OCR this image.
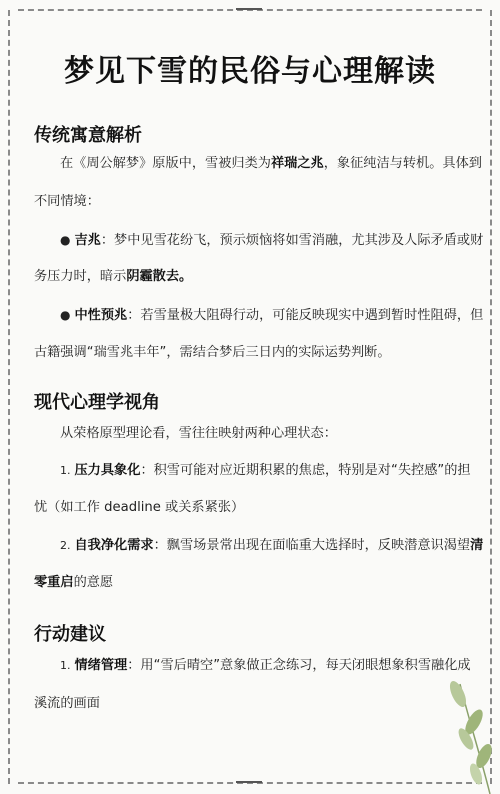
梦见下雪的民俗与心理解读
传统寓意解析

在《周公解梦》原版中，雪被归类为祥瑞之兆，象征纯洁与转机。具体到

不同情境：

● 吉兆：梦中见雪花纷飞，预示烦恼将如雪消融，尤其涉及人际矛盾或财

务压力时，暗示阴霾散去。

● 中性预兆：若雪量极大阻碍行动，可能反映现实中遇到暂时性阻碍，但

古籍强调“瑞雪兆丰年”，需结合梦后三日内的实际运势判断。

现代心理学视角

从荣格原型理论看，雪往往映射两种心理状态：

1. 压力具象化：积雪可能对应近期积累的焦虑，特别是对“失控感”的担

忧（如工作 deadline 或关系紧张）

2. 自我净化需求：飘雪场景常出现在面临重大选择时，反映潜意识渴望清

零重启的意愿

行动建议

1. 情绪管理：用“雪后晴空”意象做正念练习，每天闭眼想象积雪融化成

溪流的画面
